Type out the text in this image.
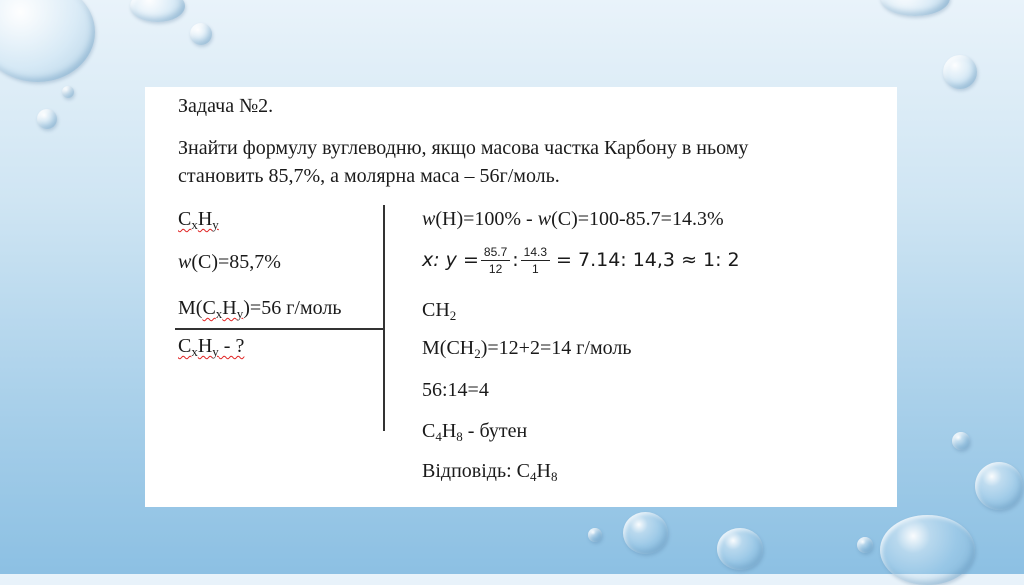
Задача №2.
Знайти формулу вуглеводню, якщо масова частка Карбону в ньому
становить 85,7%, а молярна маса – 56г/моль.
$C_xH_y$
w(C)=85,7%
$M(C_xH_y)=56$ г/моль
$C_xH_y$ - ?
w(H)=100% - w(C)=100-85.7=14.3%
x: $y = \frac{85.7}{12}$ : $\frac{14.3}{1} = 7.14$: 14,3 ≈ 1: 2
$CH_2$
$M(CH_2)=12+2=14$ г/моль
56:14=4
$C_4H_8$ - бутен
Відповідь: $C_4H_8$
